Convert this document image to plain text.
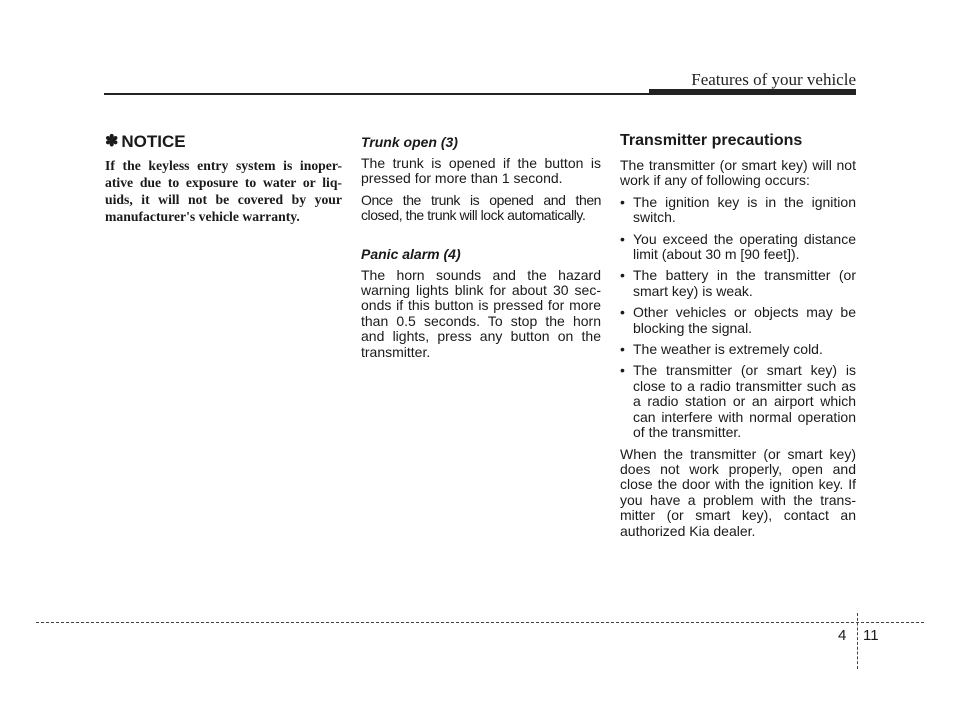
Features of your vehicle
✽ NOTICE

If the keyless entry system is inoper-ative due to exposure to water or liq-uids, it will not be covered by your manufacturer's vehicle warranty.

Trunk open (3)

The trunk is opened if the button is pressed for more than 1 second.

Once the trunk is opened and then closed, the trunk will lock automatically.

Panic alarm (4)

The horn sounds and the hazard warning lights blink for about 30 sec-onds if this button is pressed for more than 0.5 seconds. To stop the horn and lights, press any button on the transmitter.

Transmitter precautions

The transmitter (or smart key) will not work if any of following occurs:

• The ignition key is in the ignition switch.
• You exceed the operating distance limit (about 30 m [90 feet]).
• The battery in the transmitter (or smart key) is weak.
• Other vehicles or objects may be blocking the signal.
• The weather is extremely cold.
• The transmitter (or smart key) is close to a radio transmitter such as a radio station or an airport which can interfere with normal operation of the transmitter.

When the transmitter (or smart key) does not work properly, open and close the door with the ignition key. If you have a problem with the trans-mitter (or smart key), contact an authorized Kia dealer.

4 11
